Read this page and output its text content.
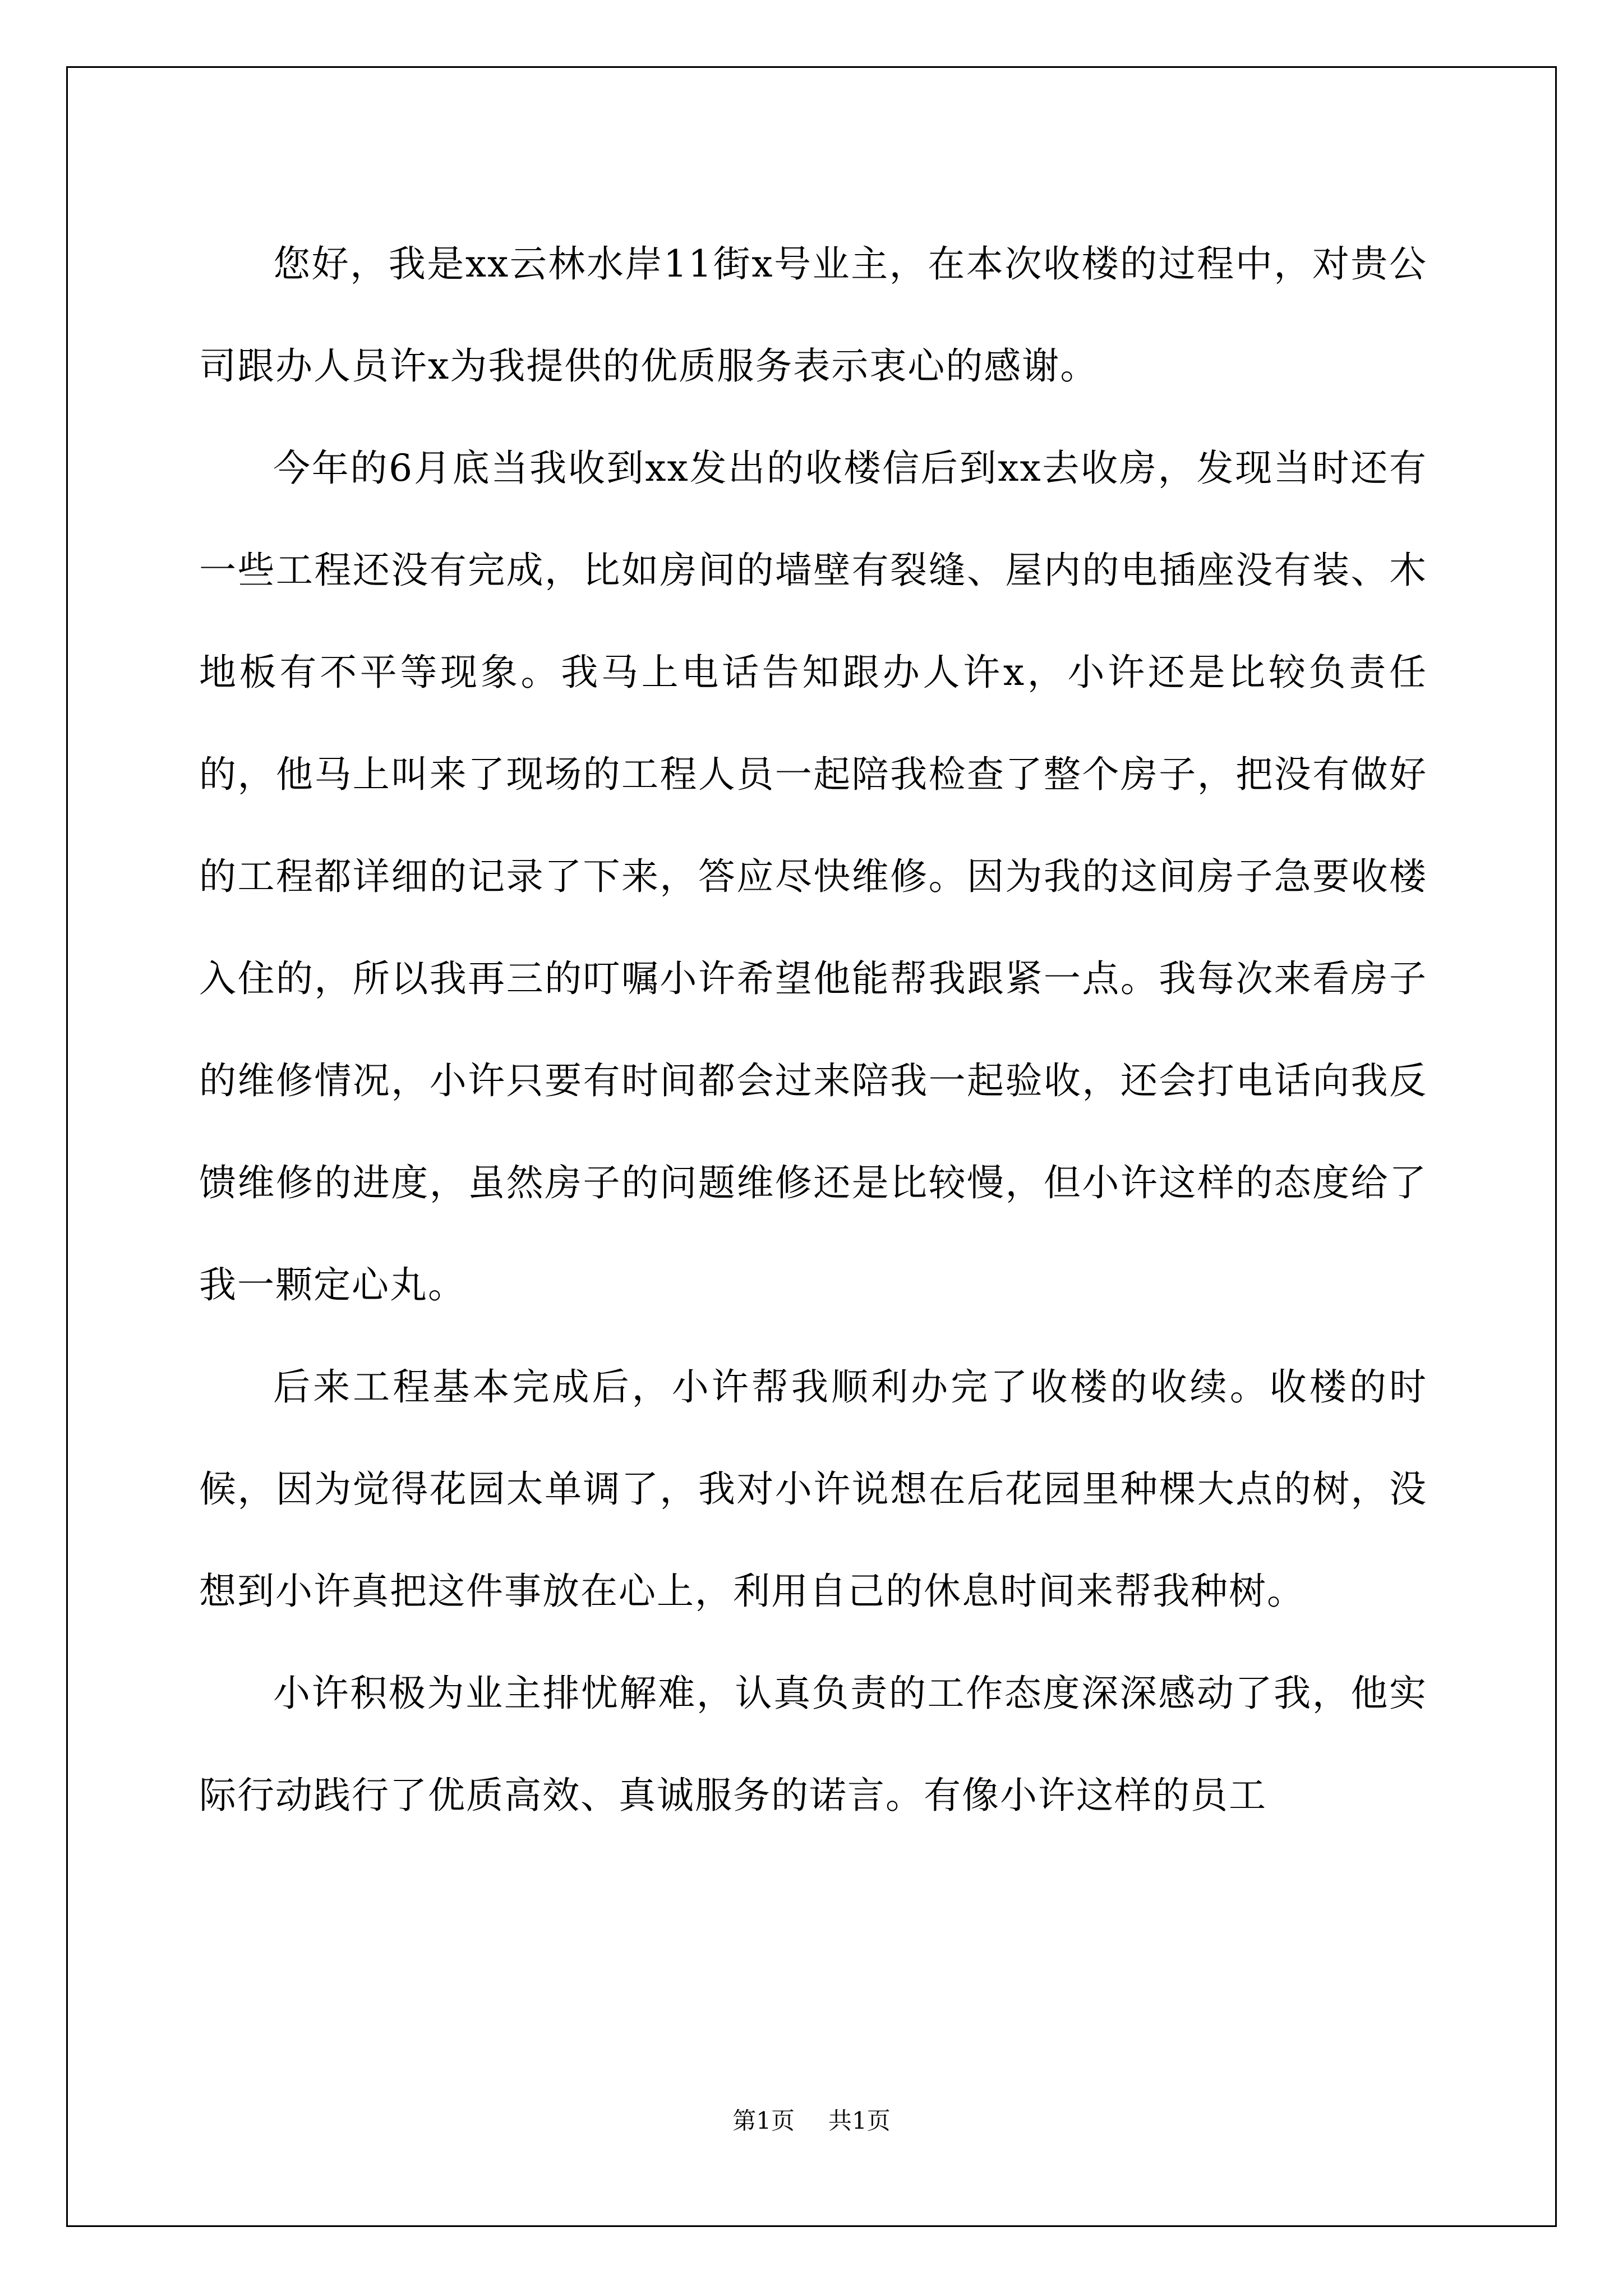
您好，我是xx云林水岸11街x号业主，在本次收楼的过程中，对贵公司跟办人员许x为我提供的优质服务表示衷心的感谢。

今年的6月底当我收到xx发出的收楼信后到xx去收房，发现当时还有一些工程还没有完成，比如房间的墙壁有裂缝、屋内的电插座没有装、木地板有不平等现象。我马上电话告知跟办人许x，小许还是比较负责任的，他马上叫来了现场的工程人员一起陪我检查了整个房子，把没有做好的工程都详细的记录了下来，答应尽快维修。因为我的这间房子急要收楼入住的，所以我再三的叮嘱小许希望他能帮我跟紧一点。我每次来看房子的维修情况，小许只要有时间都会过来陪我一起验收，还会打电话向我反馈维修的进度，虽然房子的问题维修还是比较慢，但小许这样的态度给了我一颗定心丸。

后来工程基本完成后，小许帮我顺利办完了收楼的收续。收楼的时候，因为觉得花园太单调了，我对小许说想在后花园里种棵大点的树，没想到小许真把这件事放在心上，利用自己的休息时间来帮我种树。

小许积极为业主排忧解难，认真负责的工作态度深深感动了我，他实际行动践行了优质高效、真诚服务的诺言。有像小许这样的员工

第1页 共1页
